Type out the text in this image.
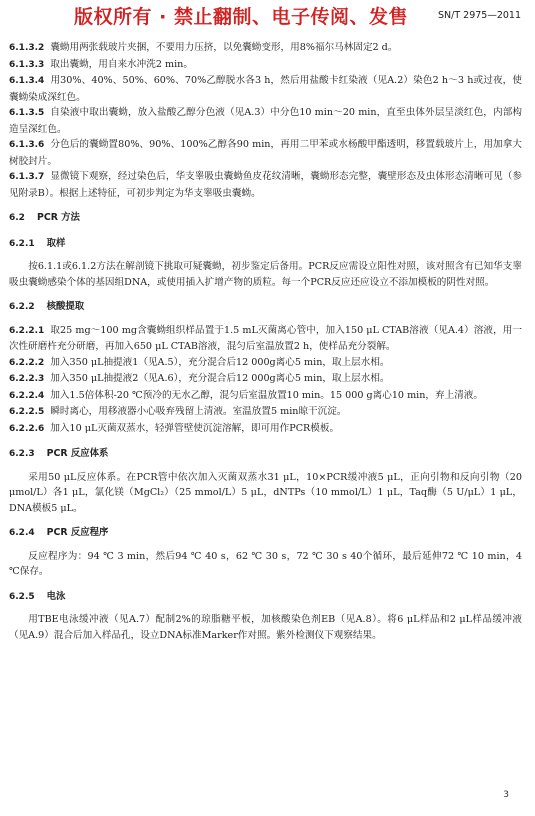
版权所有 · 禁止翻制、电子传阅、发售	SN/T 2975—2011

6.1.3.2 囊蚴用两张载玻片夹捆，不要用力压挤，以免囊蚴变形，用8%福尔马林固定2 d。

6.1.3.3 取出囊蚴，用自来水冲洗2 min。

6.1.3.4 用30%、40%、50%、60%、70%乙醇脱水各3 h，然后用盐酸卡红染液（见A.2）染色2 h～3 h或过夜，使囊蚴染成深红色。

6.1.3.5 自染液中取出囊蚴，放入盐酸乙醇分色液（见A.3）中分色10 min～20 min，直至虫体外层呈淡红色，内部构造呈深红色。

6.1.3.6 分色后的囊蚴置80%、90%、100%乙醇各90 min，再用二甲苯或水杨酸甲酯透明，移置载玻片上，用加拿大树胶封片。

6.1.3.7 显微镜下观察，经过染色后，华支睾吸虫囊蚴鱼皮花纹清晰，囊蚴形态完整，囊壁形态及虫体形态清晰可见（参见附录B）。根据上述特征，可初步判定为华支睾吸虫囊蚴。

6.2 PCR 方法
6.2.1 取样

按6.1.1或6.1.2方法在解剖镜下挑取可疑囊蚴，初步鉴定后备用。PCR反应需设立阳性对照，该对照含有已知华支睾吸虫囊蚴感染个体的基因组DNA，或使用插入扩增产物的质粒。每一个PCR反应还应设立不添加模板的阴性对照。

6.2.2 核酸提取

6.2.2.1 取25 mg～100 mg含囊蚴组织样品置于1.5 mL灭菌离心管中，加入150 μL CTAB溶液（见A.4）溶液，用一次性研磨杵充分研磨，再加入650 μL CTAB溶液，混匀后室温放置2 h，使样品充分裂解。

6.2.2.2 加入350 μL抽提液1（见A.5），充分混合后12 000g离心5 min，取上层水相。

6.2.2.3 加入350 μL抽提液2（见A.6），充分混合后12 000g离心5 min，取上层水相。

6.2.2.4 加入1.5倍体积-20 ℃预冷的无水乙醇，混匀后室温放置10 min。15 000 g离心10 min，弃上清液。

6.2.2.5 瞬时离心，用移液器小心吸弃残留上清液。室温放置5 min晾干沉淀。

6.2.2.6 加入10 μL灭菌双蒸水，轻弹管壁使沉淀溶解，即可用作PCR模板。

6.2.3 PCR 反应体系

采用50 μL反应体系。在PCR管中依次加入灭菌双蒸水31 μL，10×PCR缓冲液5 μL，正向引物和反向引物（20 μmol/L）各1 μL，氯化镁（MgCl₂）（25 mmol/L）5 μL，dNTPs（10 mmol/L）1 μL，Taq酶（5 U/μL）1 μL，DNA模板5 μL。

6.2.4 PCR 反应程序

反应程序为：94 ℃ 3 min，然后94 ℃ 40 s，62 ℃ 30 s，72 ℃ 30 s 40个循环，最后延伸72 ℃ 10 min，4 ℃保存。

6.2.5 电泳

用TBE电泳缓冲液（见A.7）配制2%的琼脂糖平板，加核酸染色剂EB（见A.8）。将6 μL样品和2 μL样品缓冲液（见A.9）混合后加入样品孔，设立DNA标准Marker作对照。紫外检测仪下观察结果。

3
